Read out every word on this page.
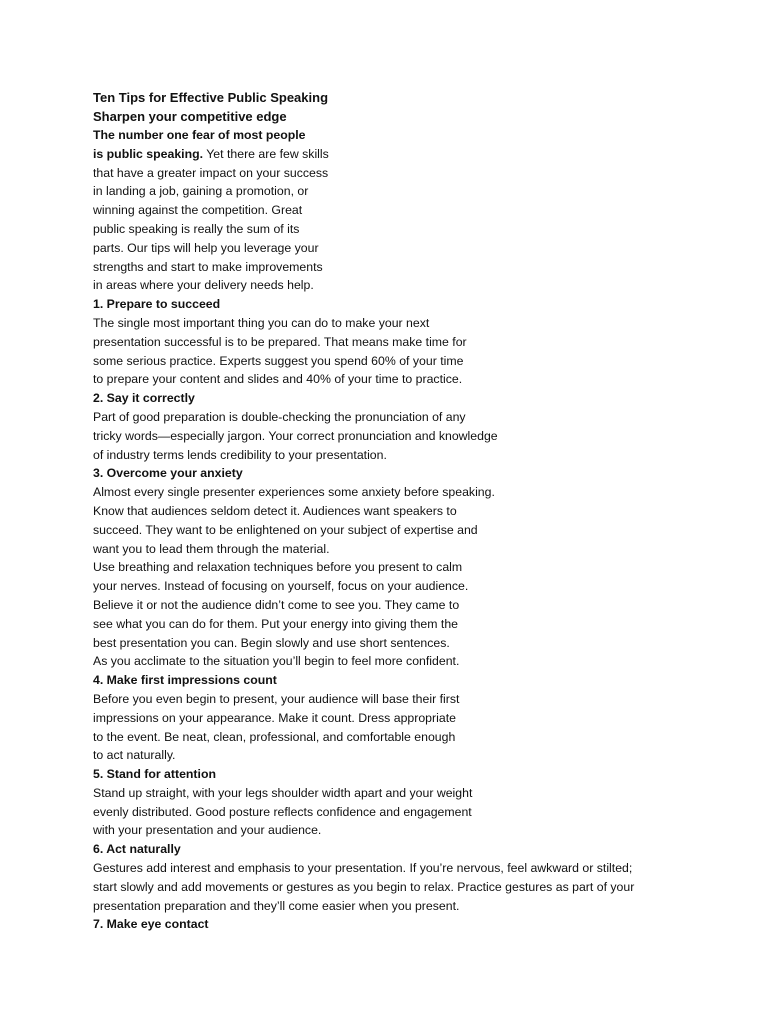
Ten Tips for Effective Public Speaking
Sharpen your competitive edge
The number one fear of most people
is public speaking. Yet there are few skills
that have a greater impact on your success
in landing a job, gaining a promotion, or
winning against the competition. Great
public speaking is really the sum of its
parts. Our tips will help you leverage your
strengths and start to make improvements
in areas where your delivery needs help.
1. Prepare to succeed
The single most important thing you can do to make your next
presentation successful is to be prepared. That means make time for
some serious practice. Experts suggest you spend 60% of your time
to prepare your content and slides and 40% of your time to practice.
2. Say it correctly
Part of good preparation is double-checking the pronunciation of any
tricky words—especially jargon. Your correct pronunciation and knowledge
of industry terms lends credibility to your presentation.
3. Overcome your anxiety
Almost every single presenter experiences some anxiety before speaking.
Know that audiences seldom detect it. Audiences want speakers to
succeed. They want to be enlightened on your subject of expertise and
want you to lead them through the material.
Use breathing and relaxation techniques before you present to calm
your nerves. Instead of focusing on yourself, focus on your audience.
Believe it or not the audience didn’t come to see you. They came to
see what you can do for them. Put your energy into giving them the
best presentation you can. Begin slowly and use short sentences.
As you acclimate to the situation you’ll begin to feel more confident.
4. Make first impressions count
Before you even begin to present, your audience will base their first
impressions on your appearance. Make it count. Dress appropriate
to the event. Be neat, clean, professional, and comfortable enough
to act naturally.
5. Stand for attention
Stand up straight, with your legs shoulder width apart and your weight
evenly distributed. Good posture reflects confidence and engagement
with your presentation and your audience.
6. Act naturally
Gestures add interest and emphasis to your presentation. If you’re nervous, feel awkward or stilted;
start slowly and add movements or gestures as you begin to relax. Practice gestures as part of your
presentation preparation and they’ll come easier when you present.
7. Make eye contact
